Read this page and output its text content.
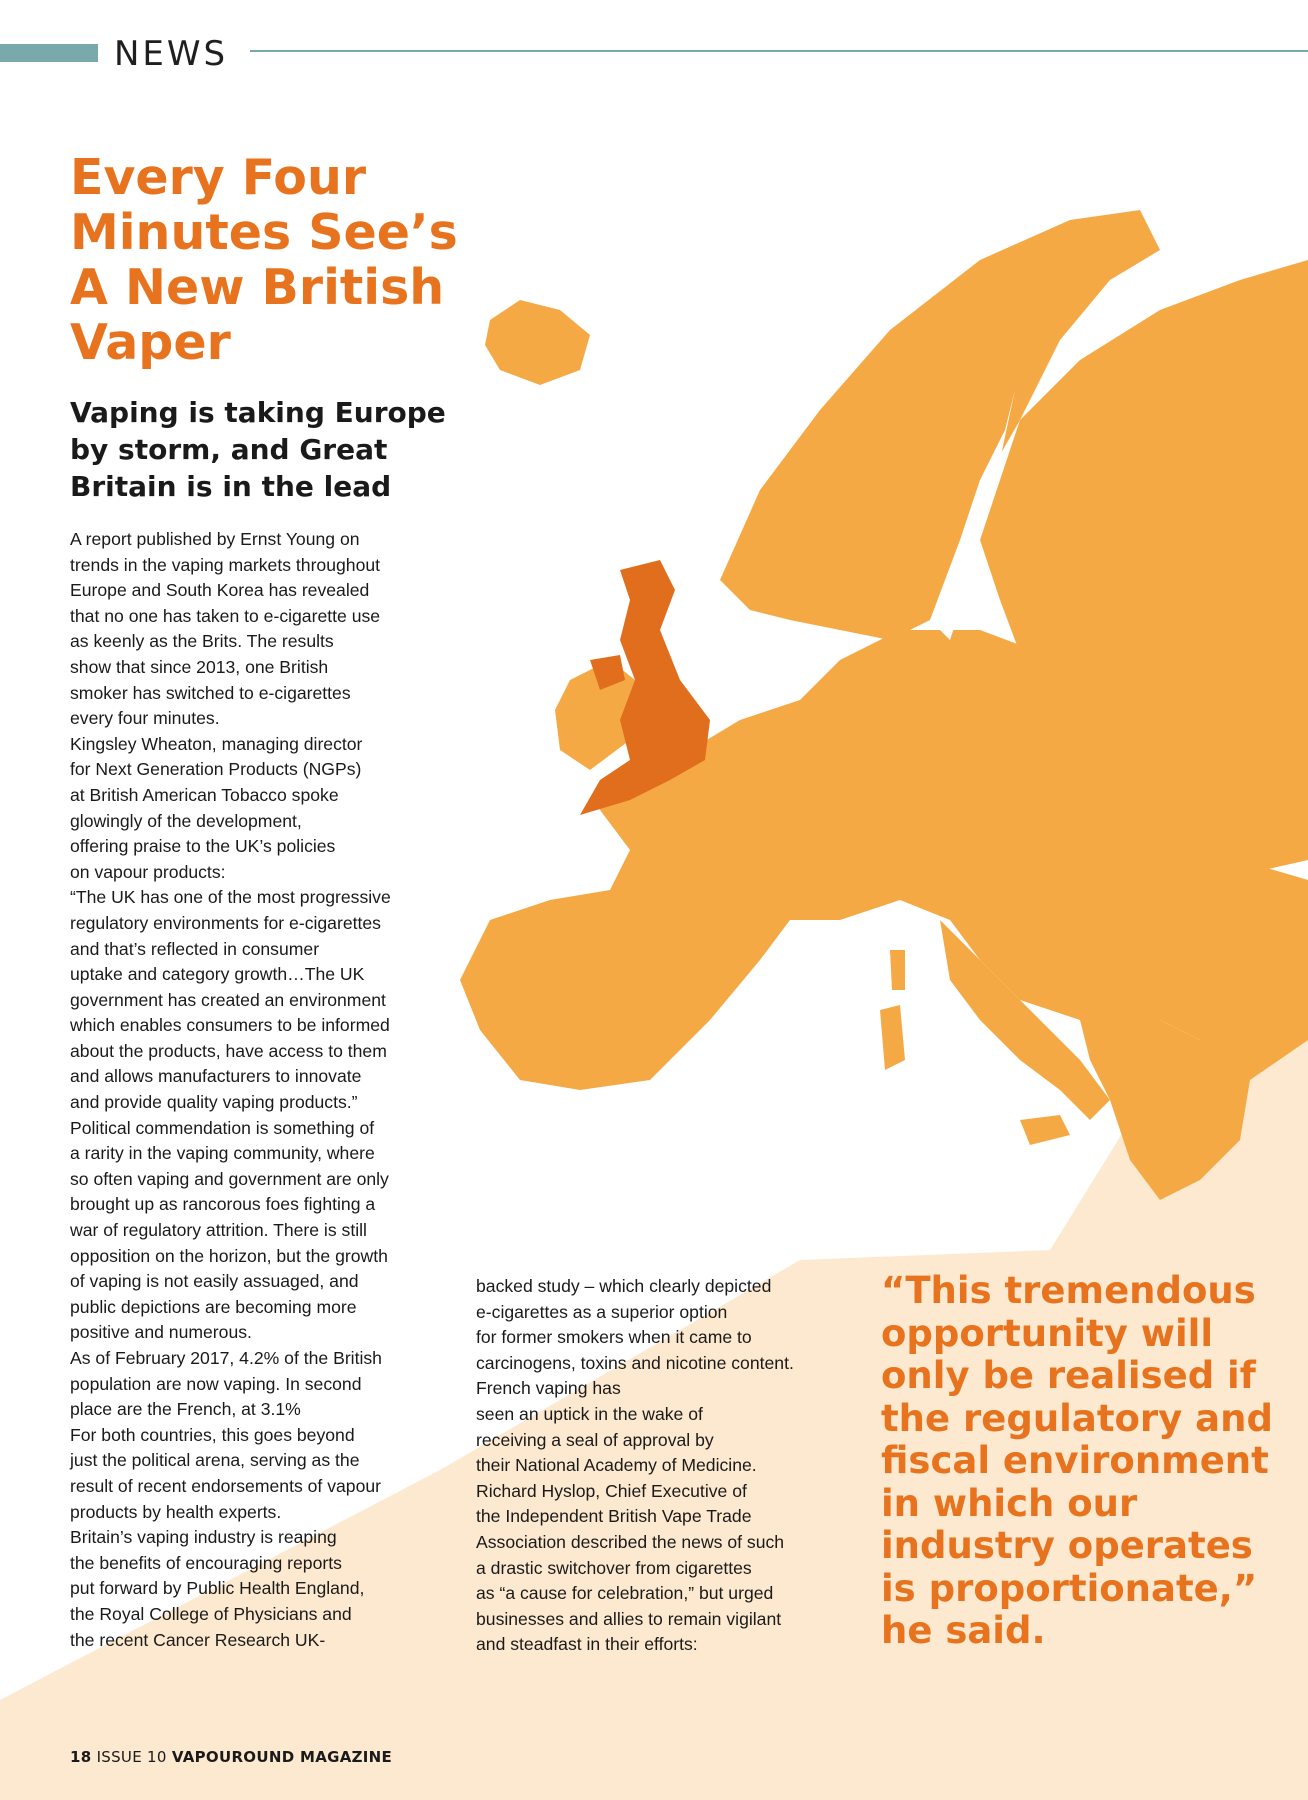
NEWS
Every Four Minutes See’s A New British Vaper
Vaping is taking Europe by storm, and Great Britain is in the lead

A report published by Ernst Young on
trends in the vaping markets throughout
Europe and South Korea has revealed
that no one has taken to e-cigarette use
as keenly as the Brits. The results
show that since 2013, one British
smoker has switched to e-cigarettes
every four minutes.

Kingsley Wheaton, managing director
for Next Generation Products (NGPs)
at British American Tobacco spoke
glowingly of the development,
offering praise to the UK’s policies
on vapour products:

“The UK has one of the most progressive
regulatory environments for e-cigarettes
and that’s reflected in consumer
uptake and category growth…The UK
government has created an environment
which enables consumers to be informed
about the products, have access to them
and allows manufacturers to innovate
and provide quality vaping products.”

Political commendation is something of
a rarity in the vaping community, where
so often vaping and government are only
brought up as rancorous foes fighting a
war of regulatory attrition. There is still
opposition on the horizon, but the growth
of vaping is not easily assuaged, and
public depictions are becoming more
positive and numerous.

As of February 2017, 4.2% of the British
population are now vaping. In second
place are the French, at 3.1%

For both countries, this goes beyond
just the political arena, serving as the
result of recent endorsements of vapour
products by health experts.

Britain’s vaping industry is reaping
the benefits of encouraging reports
put forward by Public Health England,
the Royal College of Physicians and
the recent Cancer Research UK-

backed study – which clearly depicted
e-cigarettes as a superior option
for former smokers when it came to
carcinogens, toxins and nicotine content.

French vaping has
seen an uptick in the wake of
receiving a seal of approval by
their National Academy of Medicine.

Richard Hyslop, Chief Executive of
the Independent British Vape Trade
Association described the news of such
a drastic switchover from cigarettes
as “a cause for celebration,” but urged
businesses and allies to remain vigilant
and steadfast in their efforts:

“This tremendous
opportunity will
only be realised if
the regulatory and
fiscal environment
in which our
industry operates
is proportionate,”
he said.

18 ISSUE 10 VAPOUROUND MAGAZINE
